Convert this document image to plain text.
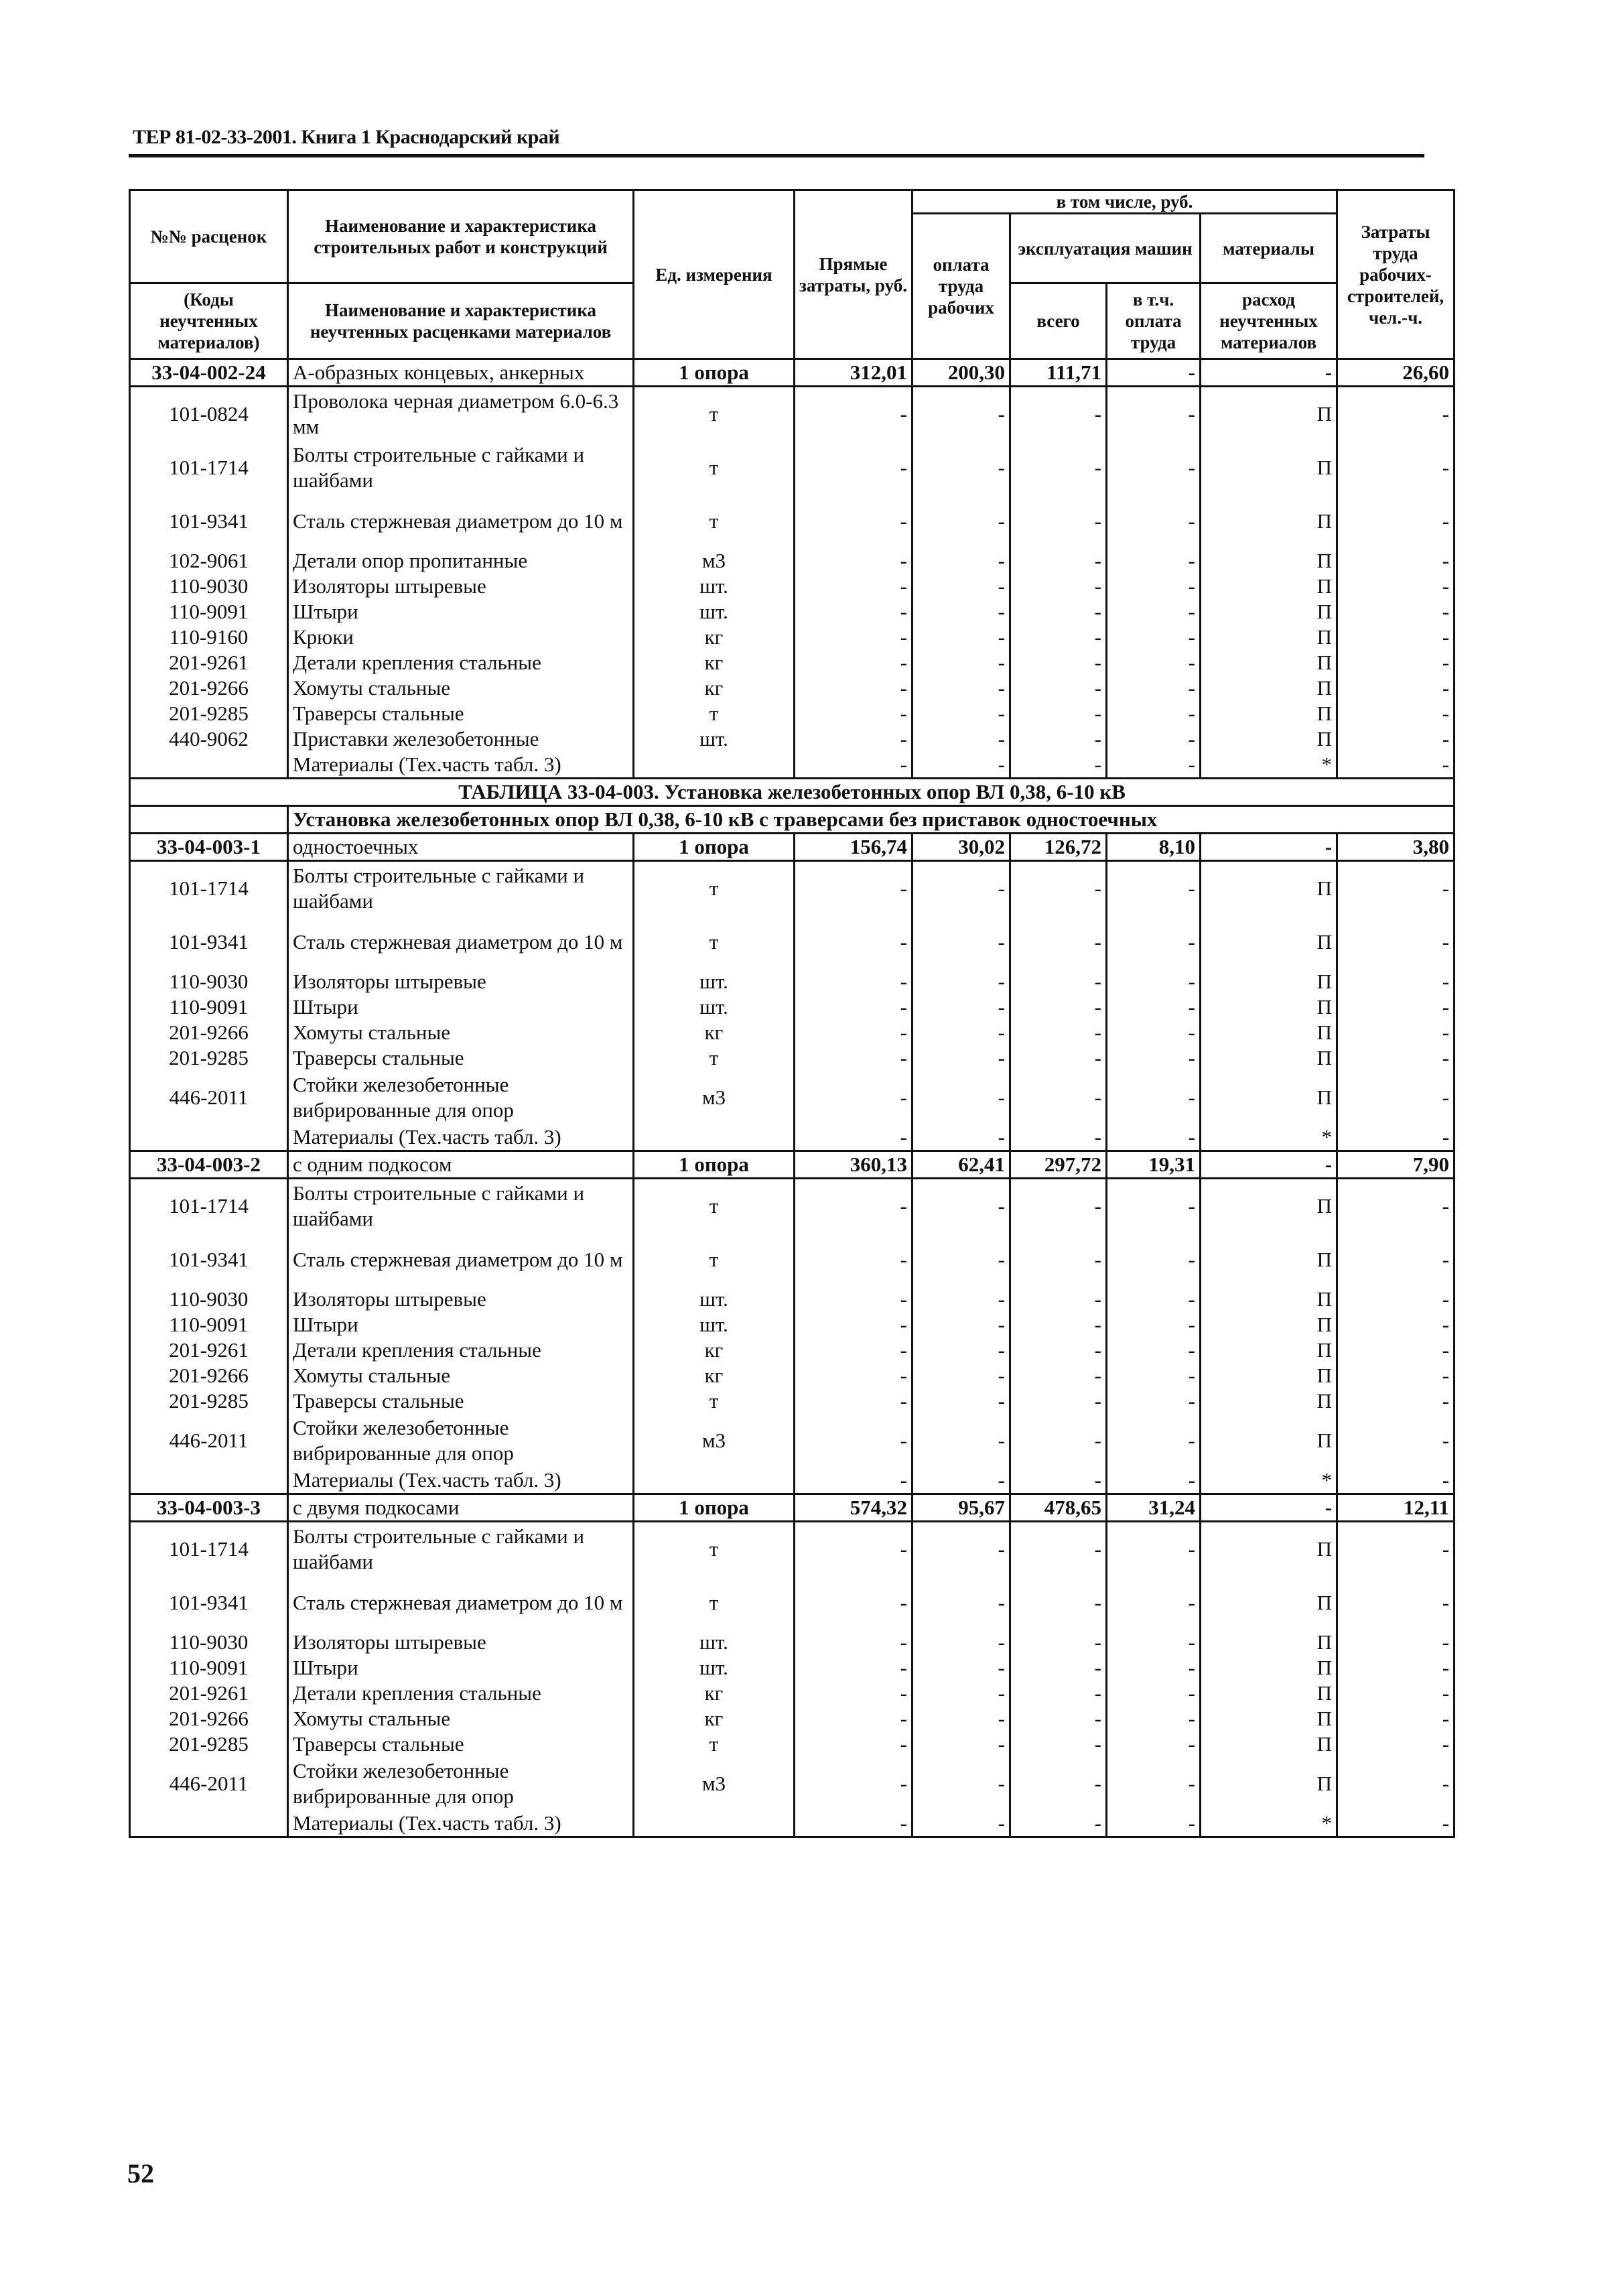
ТЕР 81-02-33-2001. Книга 1 Краснодарский край
№№ расценок	Наименование и характеристика строительных работ и конструкций	Ед. измерения	Прямые затраты, руб.	в том числе, руб.				Затраты труда рабочих-строителей, чел.-ч.
				оплата труда рабочих	эксплуатация машин		материалы	
(Коды неучтенных материалов)	Наименование и характеристика неучтенных расценками материалов				всего	в т.ч. оплата труда	расход неучтенных материалов	

33-04-002-24	А-образных концевых, анкерных	1 опора	312,01	200,30	111,71	-	-	26,60
101-0824	Проволока черная диаметром 6.0-6.3 мм	т	-	-	-	-	П	-
101-1714	Болты строительные с гайками и шайбами	т	-	-	-	-	П	-
101-9341	Сталь стержневая диаметром до 10 м	т	-	-	-	-	П	-
102-9061	Детали опор пропитанные	м3	-	-	-	-	П	-
110-9030	Изоляторы штыревые	шт.	-	-	-	-	П	-
110-9091	Штыри	шт.	-	-	-	-	П	-
110-9160	Крюки	кг	-	-	-	-	П	-
201-9261	Детали крепления стальные	кг	-	-	-	-	П	-
201-9266	Хомуты стальные	кг	-	-	-	-	П	-
201-9285	Траверсы стальные	т	-	-	-	-	П	-
440-9062	Приставки железобетонные	шт.	-	-	-	-	П	-
	Материалы (Тех.часть табл. 3)		-	-	-	-	*	-
ТАБЛИЦА 33-04-003. Установка железобетонных опор ВЛ 0,38, 6-10 кВ								
	Установка железобетонных опор ВЛ 0,38, 6-10 кВ с траверсами без приставок одностоечных							
33-04-003-1	одностоечных	1 опора	156,74	30,02	126,72	8,10	-	3,80
101-1714	Болты строительные с гайками и шайбами	т	-	-	-	-	П	-
101-9341	Сталь стержневая диаметром до 10 м	т	-	-	-	-	П	-
110-9030	Изоляторы штыревые	шт.	-	-	-	-	П	-
110-9091	Штыри	шт.	-	-	-	-	П	-
201-9266	Хомуты стальные	кг	-	-	-	-	П	-
201-9285	Траверсы стальные	т	-	-	-	-	П	-
446-2011	Стойки железобетонные вибрированные для опор	м3	-	-	-	-	П	-
	Материалы (Тех.часть табл. 3)		-	-	-	-	*	-
33-04-003-2	с одним подкосом	1 опора	360,13	62,41	297,72	19,31	-	7,90
101-1714	Болты строительные с гайками и шайбами	т	-	-	-	-	П	-
101-9341	Сталь стержневая диаметром до 10 м	т	-	-	-	-	П	-
110-9030	Изоляторы штыревые	шт.	-	-	-	-	П	-
110-9091	Штыри	шт.	-	-	-	-	П	-
201-9261	Детали крепления стальные	кг	-	-	-	-	П	-
201-9266	Хомуты стальные	кг	-	-	-	-	П	-
201-9285	Траверсы стальные	т	-	-	-	-	П	-
446-2011	Стойки железобетонные вибрированные для опор	м3	-	-	-	-	П	-
	Материалы (Тех.часть табл. 3)		-	-	-	-	*	-
33-04-003-3	с двумя подкосами	1 опора	574,32	95,67	478,65	31,24	-	12,11
101-1714	Болты строительные с гайками и шайбами	т	-	-	-	-	П	-
101-9341	Сталь стержневая диаметром до 10 м	т	-	-	-	-	П	-
110-9030	Изоляторы штыревые	шт.	-	-	-	-	П	-
110-9091	Штыри	шт.	-	-	-	-	П	-
201-9261	Детали крепления стальные	кг	-	-	-	-	П	-
201-9266	Хомуты стальные	кг	-	-	-	-	П	-
201-9285	Траверсы стальные	т	-	-	-	-	П	-
446-2011	Стойки железобетонные вибрированные для опор	м3	-	-	-	-	П	-
	Материалы (Тех.часть табл. 3)		-	-	-	-	*	-
52
